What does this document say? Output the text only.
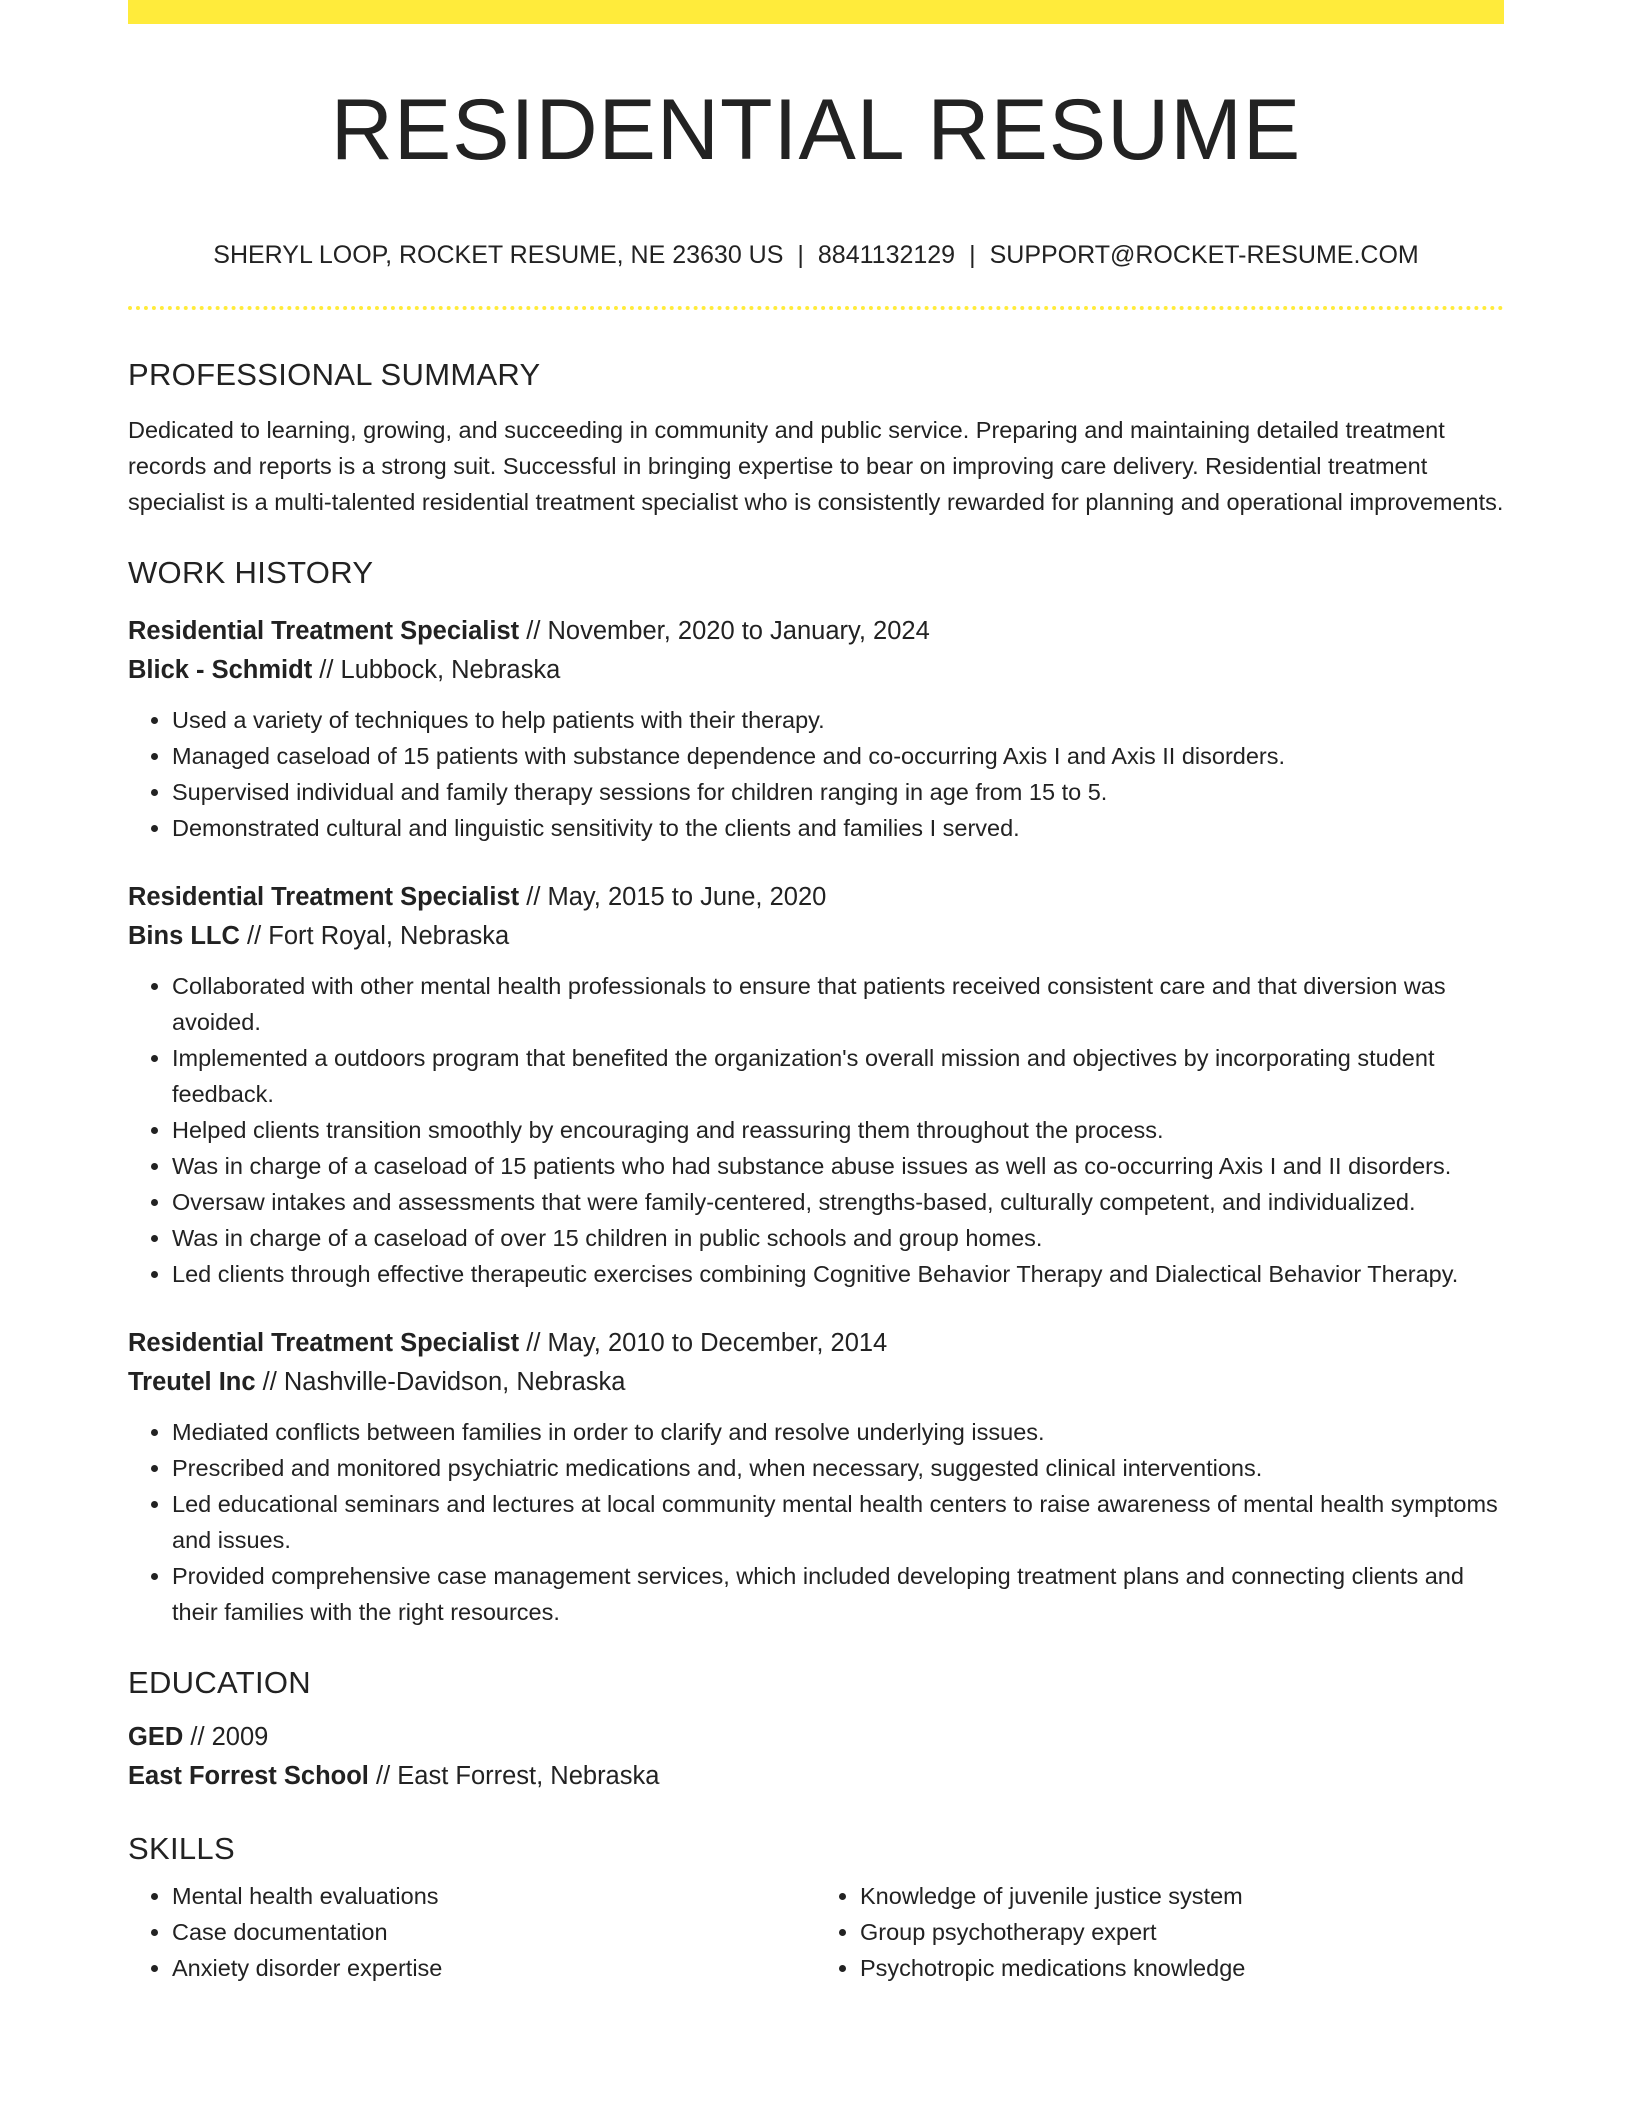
RESIDENTIAL RESUME
SHERYL LOOP, ROCKET RESUME, NE 23630 US | 8841132129 | SUPPORT@ROCKET-RESUME.COM
PROFESSIONAL SUMMARY

Dedicated to learning, growing, and succeeding in community and public service. Preparing and maintaining detailed treatment records and reports is a strong suit. Successful in bringing expertise to bear on improving care delivery. Residential treatment specialist is a multi-talented residential treatment specialist who is consistently rewarded for planning and operational improvements.

WORK HISTORY
Residential Treatment Specialist // November, 2020 to January, 2024
Blick - Schmidt // Lubbock, Nebraska
• Used a variety of techniques to help patients with their therapy.
• Managed caseload of 15 patients with substance dependence and co-occurring Axis I and Axis II disorders.
• Supervised individual and family therapy sessions for children ranging in age from 15 to 5.
• Demonstrated cultural and linguistic sensitivity to the clients and families I served.
Residential Treatment Specialist // May, 2015 to June, 2020
Bins LLC // Fort Royal, Nebraska
• Collaborated with other mental health professionals to ensure that patients received consistent care and that diversion was avoided.
• Implemented a outdoors program that benefited the organization's overall mission and objectives by incorporating student feedback.
• Helped clients transition smoothly by encouraging and reassuring them throughout the process.
• Was in charge of a caseload of 15 patients who had substance abuse issues as well as co-occurring Axis I and II disorders.
• Oversaw intakes and assessments that were family-centered, strengths-based, culturally competent, and individualized.
• Was in charge of a caseload of over 15 children in public schools and group homes.
• Led clients through effective therapeutic exercises combining Cognitive Behavior Therapy and Dialectical Behavior Therapy.
Residential Treatment Specialist // May, 2010 to December, 2014
Treutel Inc // Nashville-Davidson, Nebraska
• Mediated conflicts between families in order to clarify and resolve underlying issues.
• Prescribed and monitored psychiatric medications and, when necessary, suggested clinical interventions.
• Led educational seminars and lectures at local community mental health centers to raise awareness of mental health symptoms and issues.
• Provided comprehensive case management services, which included developing treatment plans and connecting clients and their families with the right resources.
EDUCATION
GED // 2009
East Forrest School // East Forrest, Nebraska
SKILLS
• Mental health evaluations
• Case documentation
• Anxiety disorder expertise
• Knowledge of juvenile justice system
• Group psychotherapy expert
• Psychotropic medications knowledge
